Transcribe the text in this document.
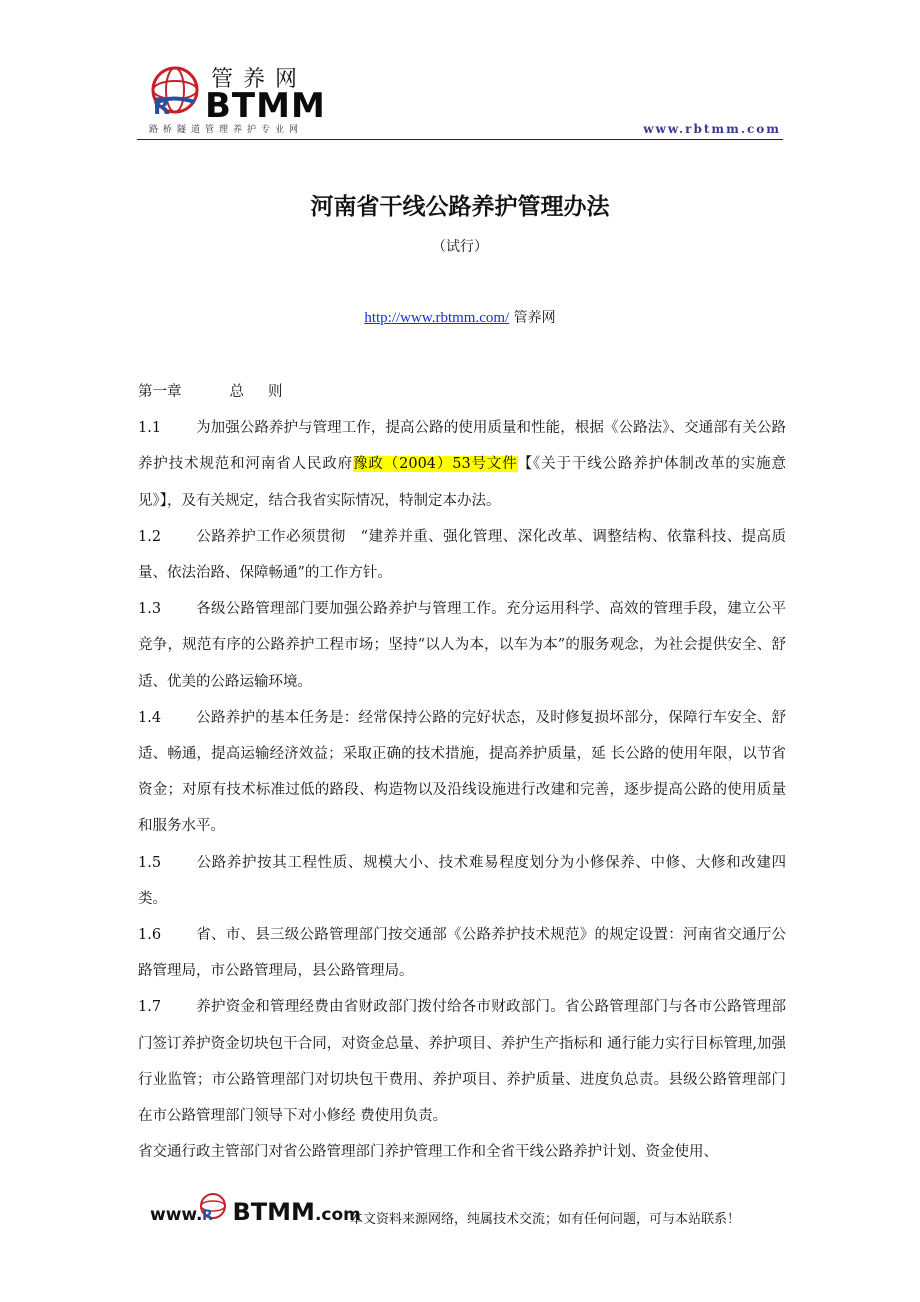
R
管养网
BTMM
路桥隧道管理养护专业网	www.rbtmm.com
河南省干线公路养护管理办法
（试行）
http://www.rbtmm.com/ 管养网

第一章	总 则

1.1 为加强公路养护与管理工作，提高公路的使用质量和性能，根据《公路法》、交通部有关公路养护技术规范和河南省人民政府豫政（2004）53号文件【《关于干线公路养护体制改革的实施意见》】，及有关规定，结合我省实际情况，特制定本办法。

1.2 公路养护工作必须贯彻　“建养并重、强化管理、深化改革、调整结构、依靠科技、提高质量、依法治路、保障畅通”的工作方针。

1.3 各级公路管理部门要加强公路养护与管理工作。充分运用科学、高效的管理手段，建立公平竞争，规范有序的公路养护工程市场；坚持“以人为本，以车为本”的服务观念，为社会提供安全、舒适、优美的公路运输环境。

1.4 公路养护的基本任务是：经常保持公路的完好状态，及时修复损坏部分，保障行车安全、舒适、畅通，提高运输经济效益；采取正确的技术措施，提高养护质量，延 长公路的使用年限，以节省资金；对原有技术标准过低的路段、构造物以及沿线设施进行改建和完善，逐步提高公路的使用质量和服务水平。

1.5 公路养护按其工程性质、规模大小、技术难易程度划分为小修保养、中修、大修和改建四类。

1.6 省、市、县三级公路管理部门按交通部《公路养护技术规范》的规定设置：河南省交通厅公路管理局，市公路管理局，县公路管理局。

1.7 养护资金和管理经费由省财政部门拨付给各市财政部门。省公路管理部门与各市公路管理部门签订养护资金切块包干合同，对资金总量、养护项目、养护生产指标和 通行能力实行目标管理,加强行业监管；市公路管理部门对切块包干费用、养护项目、养护质量、进度负总责。县级公路管理部门在市公路管理部门领导下对小修经 费使用负责。

省交通行政主管部门对省公路管理部门养护管理工作和全省干线公路养护计划、资金使用、

www. BTMM.com
R	本文资料来源网络，纯属技术交流；如有任何问题，可与本站联系！
